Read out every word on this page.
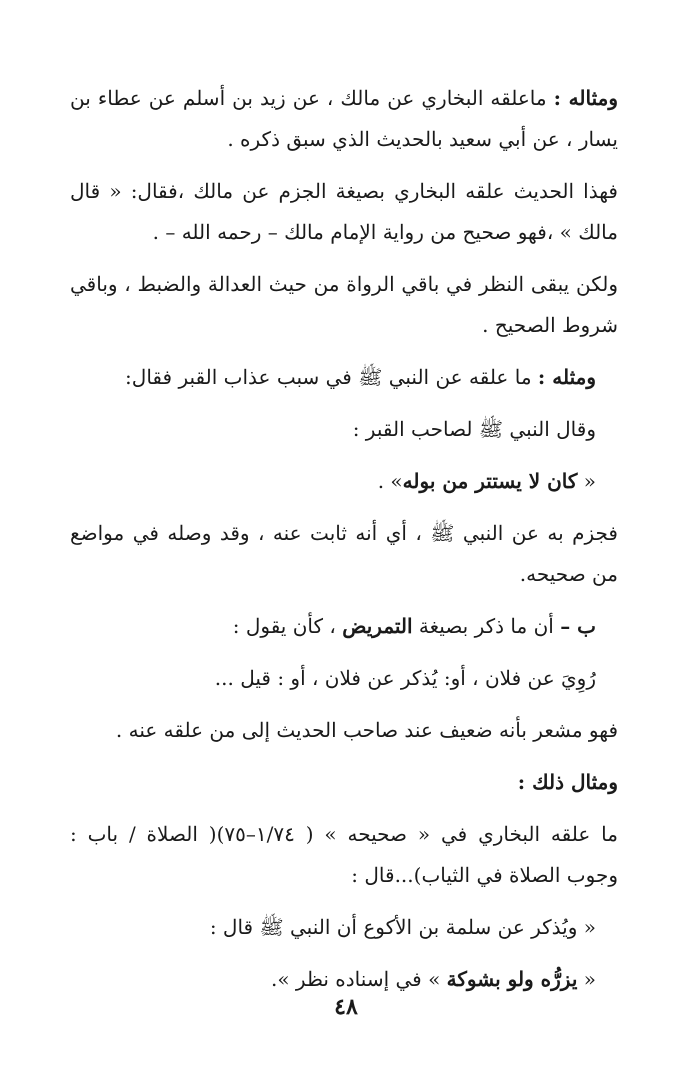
ومثاله : ماعلقه البخاري عن مالك ، عن زيد بن أسلم عن عطاء بن يسار ، عن أبي سعيد بالحديث الذي سبق ذكره .

فهذا الحديث علقه البخاري بصيغة الجزم عن مالك ،فقال: « قال مالك » ،فهو صحيح من رواية الإمام مالك – رحمه الله – .

ولكن يبقى النظر في باقي الرواة من حيث العدالة والضبط ، وباقي شروط الصحيح .

ومثله : ما علقه عن النبي ﷺ في سبب عذاب القبر فقال:

وقال النبي ﷺ لصاحب القبر :

« كان لا يستتر من بوله» .

فجزم به عن النبي ﷺ ، أي أنه ثابت عنه ، وقد وصله في مواضع من صحيحه.

ب – أن ما ذكر بصيغة التمريض ، كأن يقول :

رُوِيَ عن فلان ، أو: يُذكر عن فلان ، أو : قيل ...

فهو مشعر بأنه ضعيف عند صاحب الحديث إلى من علقه عنه .

ومثال ذلك :

ما علقه البخاري في « صحيحه » ( ١/٧٤–٧٥)( الصلاة / باب : وجوب الصلاة في الثياب)...قال :

« ويُذكر عن سلمة بن الأكوع أن النبي ﷺ قال :

« يزرُّه ولو بشوكة » في إسناده نظر ».

٤٨
